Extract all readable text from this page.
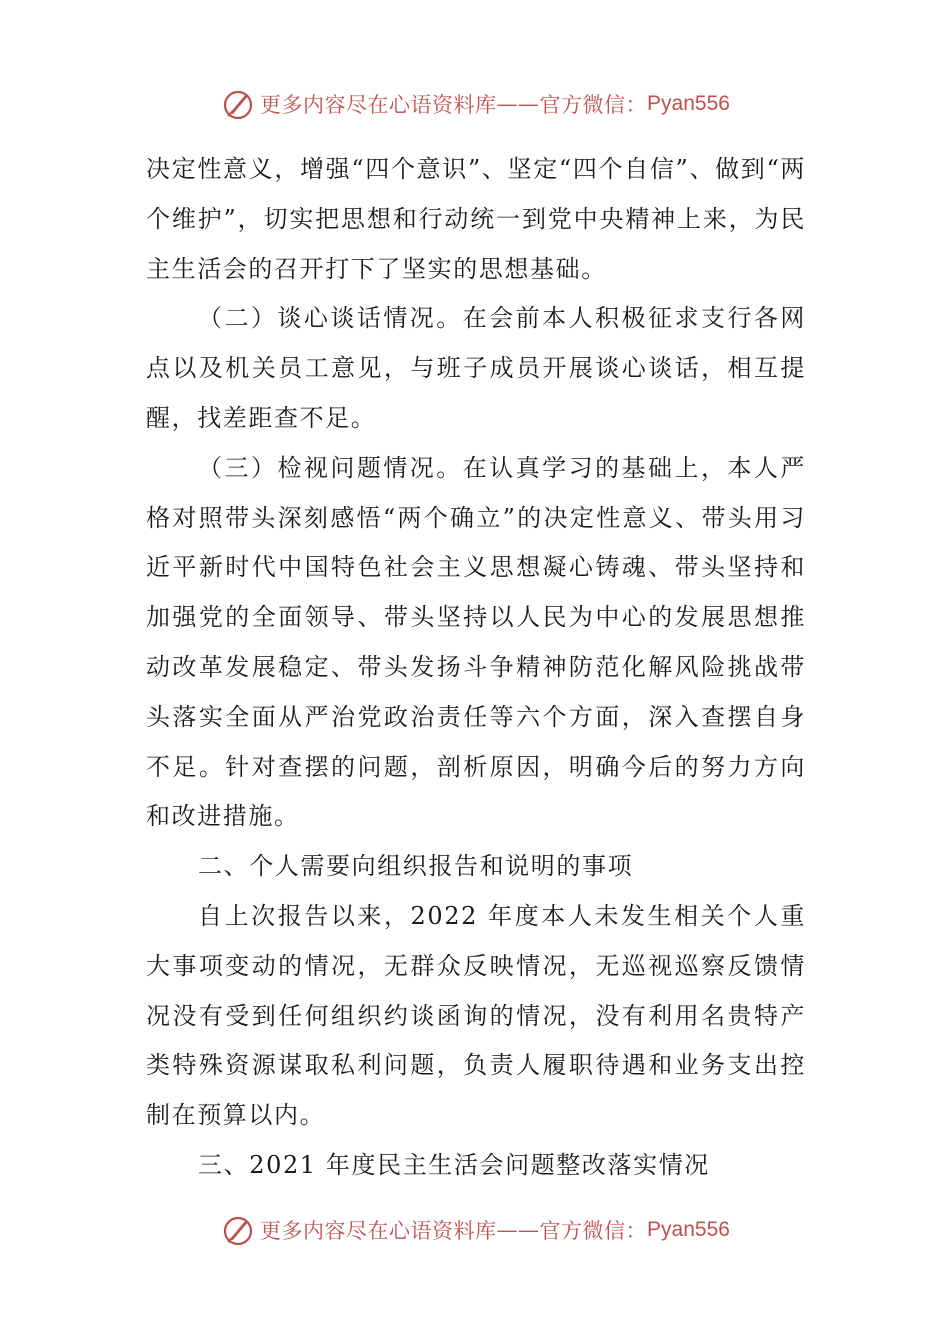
更多内容尽在心语资料库 —— 官方微信： Pyan556

决定性意义，增强“四个意识”、坚定“四个自信”、做到“两个维护”，切实把思想和行动统一到党中央精神上来，为民主生活会的召开打下了坚实的思想基础。

（二）谈心谈话情况。在会前本人积极征求支行各网点以及机关员工意见，与班子成员开展谈心谈话，相互提醒，找差距查不足。

（三）检视问题情况。在认真学习的基础上，本人严格对照带头深刻感悟“两个确立”的决定性意义、带头用习近平新时代中国特色社会主义思想凝心铸魂、带头坚持和加强党的全面领导、带头坚持以人民为中心的发展思想推动改革发展稳定、带头发扬斗争精神防范化解风险挑战带头落实全面从严治党政治责任等六个方面，深入查摆自身不足。针对查摆的问题，剖析原因，明确今后的努力方向和改进措施。

二、个人需要向组织报告和说明的事项

自上次报告以来，2022 年度本人未发生相关个人重大事项变动的情况，无群众反映情况，无巡视巡察反馈情况没有受到任何组织约谈函询的情况，没有利用名贵特产类特殊资源谋取私利问题，负责人履职待遇和业务支出控制在预算以内。

三、2021 年度民主生活会问题整改落实情况

更多内容尽在心语资料库 —— 官方微信： Pyan556
